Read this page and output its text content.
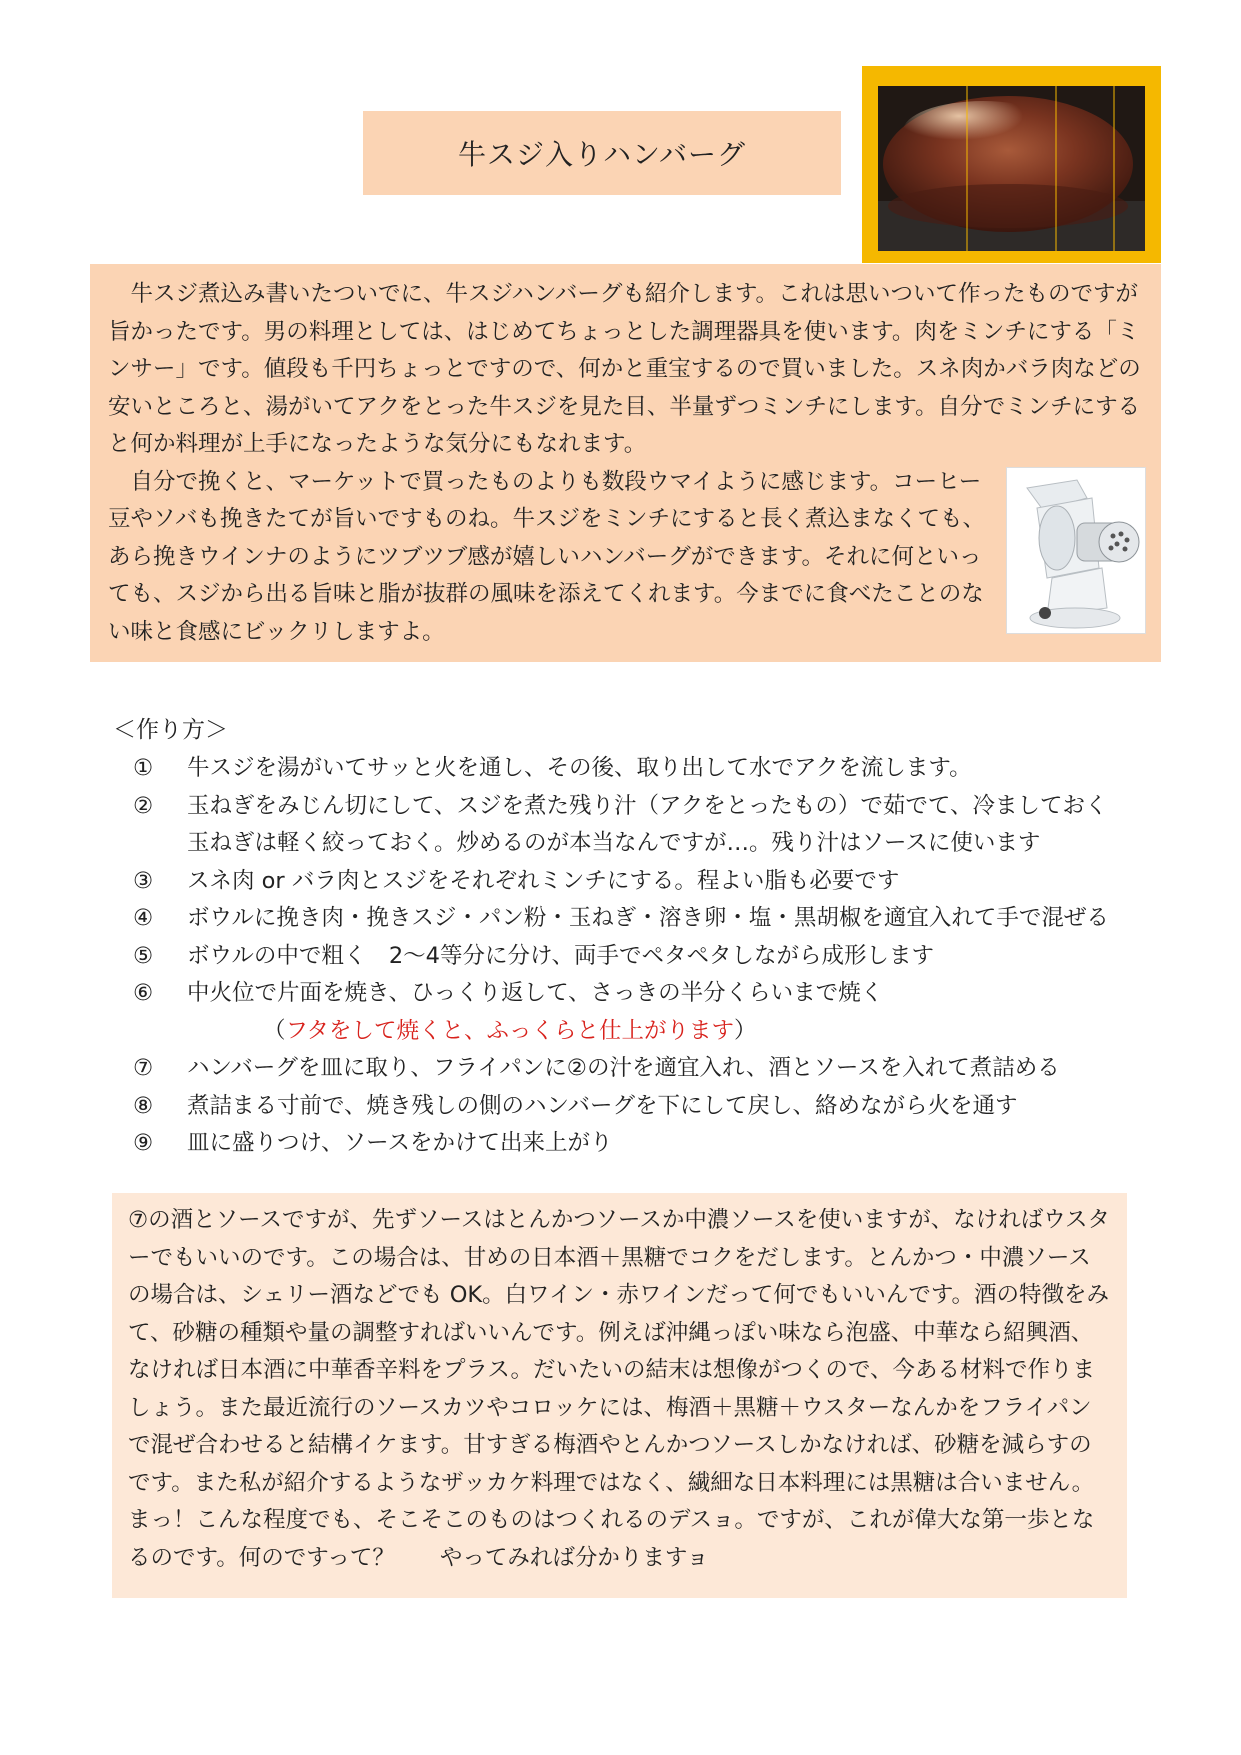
牛スジ入りハンバーグ

　牛スジ煮込み書いたついでに、牛スジハンバーグも紹介します。これは思いついて作ったものですが旨かったです。男の料理としては、はじめてちょっとした調理器具を使います。肉をミンチにする「ミンサー」です。値段も千円ちょっとですので、何かと重宝するので買いました。スネ肉かバラ肉などの安いところと、湯がいてアクをとった牛スジを見た目、半量ずつミンチにします。自分でミンチにすると何か料理が上手になったような気分にもなれます。

　自分で挽くと、マーケットで買ったものよりも数段ウマイように感じます。コーヒー豆やソバも挽きたてが旨いですものね。牛スジをミンチにすると長く煮込まなくても、あら挽きウインナのようにツブツブ感が嬉しいハンバーグができます。それに何といっても、スジから出る旨味と脂が抜群の風味を添えてくれます。今までに食べたことのない味と食感にビックリしますよ。

＜作り方＞
①	牛スジを湯がいてサッと火を通し、その後、取り出して水でアクを流します。
②	玉ねぎをみじん切にして、スジを煮た残り汁（アクをとったもの）で茹でて、冷ましておく
玉ねぎは軽く絞っておく。炒めるのが本当なんですが…。残り汁はソースに使います
③	スネ肉 or バラ肉とスジをそれぞれミンチにする。程よい脂も必要です
④	ボウルに挽き肉・挽きスジ・パン粉・玉ねぎ・溶き卵・塩・黒胡椒を適宜入れて手で混ぜる
⑤	ボウルの中で粗く　2～4等分に分け、両手でペタペタしながら成形します
⑥	中火位で片面を焼き、ひっくり返して、さっきの半分くらいまで焼く
（ フタをして焼くと、ふっくらと仕上がります ）
⑦	ハンバーグを皿に取り、フライパンに②の汁を適宜入れ、酒とソースを入れて煮詰める
⑧	煮詰まる寸前で、焼き残しの側のハンバーグを下にして戻し、絡めながら火を通す
⑨	皿に盛りつけ、ソースをかけて出来上がり

⑦の酒とソースですが、先ずソースはとんかつソースか中濃ソースを使いますが、なければウスターでもいいのです。この場合は、甘めの日本酒＋黒糖でコクをだします。とんかつ・中濃ソースの場合は、シェリー酒などでも OK。白ワイン・赤ワインだって何でもいいんです。酒の特徴をみて、砂糖の種類や量の調整すればいいんです。例えば沖縄っぽい味なら泡盛、中華なら紹興酒、なければ日本酒に中華香辛料をプラス。だいたいの結末は想像がつくので、今ある材料で作りましょう。また最近流行のソースカツやコロッケには、梅酒＋黒糖＋ウスターなんかをフライパンで混ぜ合わせると結構イケます。甘すぎる梅酒やとんかつソースしかなければ、砂糖を減らすのです。また私が紹介するようなザッカケ料理ではなく、繊細な日本料理には黒糖は合いません。まっ！こんな程度でも、そこそこのものはつくれるのデスョ。ですが、これが偉大な第一歩となるのです。何のですって？　　やってみれば分かりますョ
